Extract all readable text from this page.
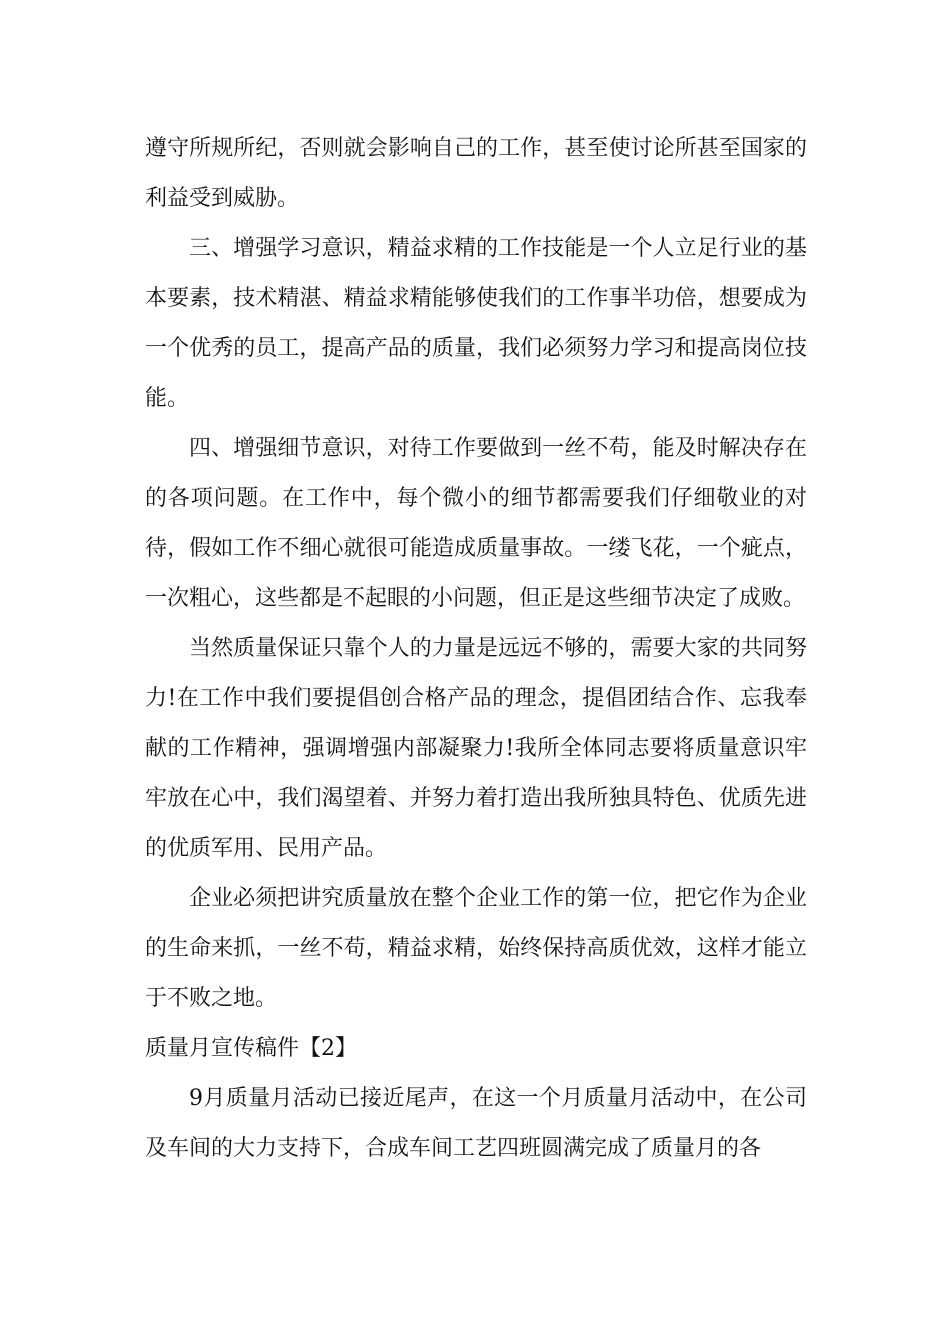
遵守所规所纪，否则就会影响自己的工作，甚至使讨论所甚至国家的利益受到威胁。

三、增强学习意识，精益求精的工作技能是一个人立足行业的基本要素，技术精湛、精益求精能够使我们的工作事半功倍，想要成为一个优秀的员工，提高产品的质量，我们必须努力学习和提高岗位技能。

四、增强细节意识，对待工作要做到一丝不苟，能及时解决存在的各项问题。在工作中，每个微小的细节都需要我们仔细敬业的对待，假如工作不细心就很可能造成质量事故。一缕飞花，一个疵点，一次粗心，这些都是不起眼的小问题，但正是这些细节决定了成败。

当然质量保证只靠个人的力量是远远不够的，需要大家的共同努力!在工作中我们要提倡创合格产品的理念，提倡团结合作、忘我奉献的工作精神，强调增强内部凝聚力!我所全体同志要将质量意识牢牢放在心中，我们渴望着、并努力着打造出我所独具特色、优质先进的优质军用、民用产品。

企业必须把讲究质量放在整个企业工作的第一位，把它作为企业的生命来抓，一丝不苟，精益求精，始终保持高质优效，这样才能立于不败之地。

质量月宣传稿件【2】

9月质量月活动已接近尾声，在这一个月质量月活动中，在公司及车间的大力支持下，合成车间工艺四班圆满完成了质量月的各
